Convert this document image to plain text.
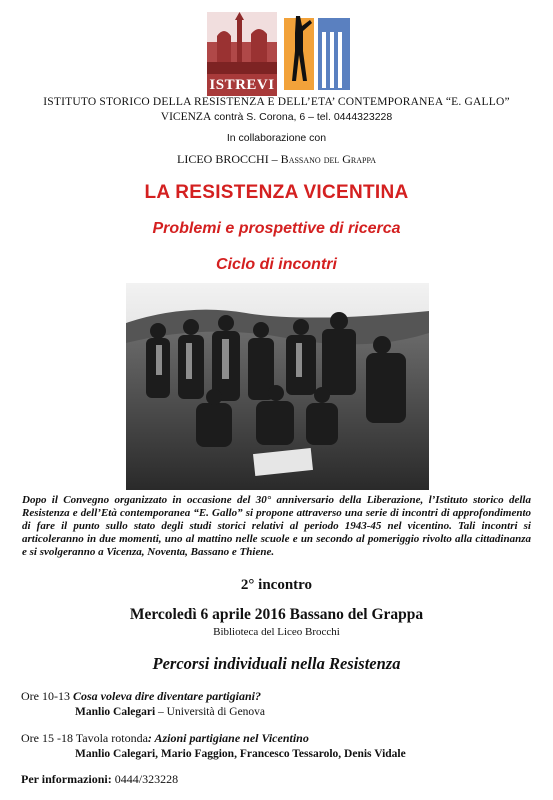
ISTREVI
ISTITUTO STORICO DELLA RESISTENZA E DELL’ETA’ CONTEMPORANEA “E. GALLO”
VICENZA contrà S. Corona, 6 – tel. 0444323228
In collaborazione con
LICEO BROCCHI – Bassano del Grappa
LA RESISTENZA VICENTINA
Problemi e prospettive di ricerca
Ciclo di incontri
Dopo il Convegno organizzato in occasione del 30° anniversario della Liberazione, l’Istituto storico della Resistenza e dell’Età contemporanea “E. Gallo” si propone attraverso una serie di incontri di approfondimento di fare il punto sullo stato degli studi storici relativi al periodo 1943-45 nel vicentino. Tali incontri si articoleranno in due momenti, uno al mattino nelle scuole e un secondo al pomeriggio rivolto alla cittadinanza e si svolgeranno a Vicenza, Noventa, Bassano e Thiene.
2° incontro
Mercoledì 6 aprile 2016 Bassano del Grappa
Biblioteca del Liceo Brocchi
Percorsi individuali nella Resistenza
Ore 10-13 Cosa voleva dire diventare partigiani?
Manlio Calegari – Università di Genova
Ore 15 -18 Tavola rotonda: Azioni partigiane nel Vicentino
Manlio Calegari, Mario Faggion, Francesco Tessarolo, Denis Vidale
Per informazioni: 0444/323228
